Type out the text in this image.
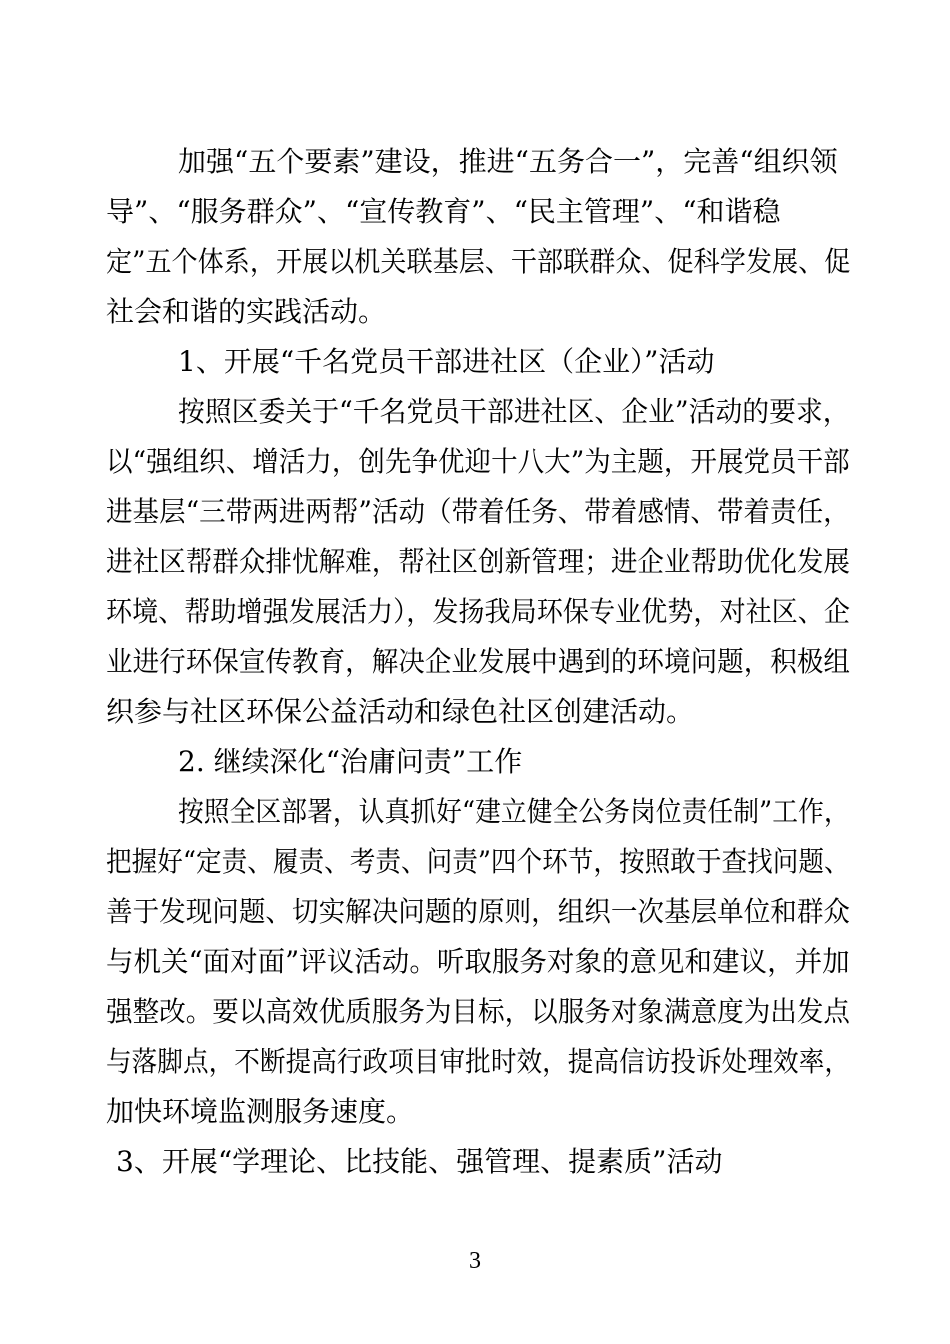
加强“五个要素”建设，推进“五务合一”，完善“组织领
导”、“服务群众”、“宣传教育”、“民主管理”、“和谐稳
定”五个体系，开展以机关联基层、干部联群众、促科学发展、促
社会和谐的实践活动。
1、开展“千名党员干部进社区（企业）”活动
按照区委关于“千名党员干部进社区、企业”活动的要求，
以“强组织、增活力，创先争优迎十八大”为主题，开展党员干部
进基层“三带两进两帮”活动（带着任务、带着感情、带着责任，
进社区帮群众排忧解难，帮社区创新管理；进企业帮助优化发展
环境、帮助增强发展活力），发扬我局环保专业优势，对社区、企
业进行环保宣传教育，解决企业发展中遇到的环境问题，积极组
织参与社区环保公益活动和绿色社区创建活动。
2. 继续深化“治庸问责”工作
按照全区部署，认真抓好“建立健全公务岗位责任制”工作，
把握好“定责、履责、考责、问责”四个环节，按照敢于查找问题、
善于发现问题、切实解决问题的原则，组织一次基层单位和群众
与机关“面对面”评议活动。听取服务对象的意见和建议，并加
强整改。要以高效优质服务为目标，以服务对象满意度为出发点
与落脚点，不断提高行政项目审批时效，提高信访投诉处理效率，
加快环境监测服务速度。
3、开展“学理论、比技能、强管理、提素质”活动
3
